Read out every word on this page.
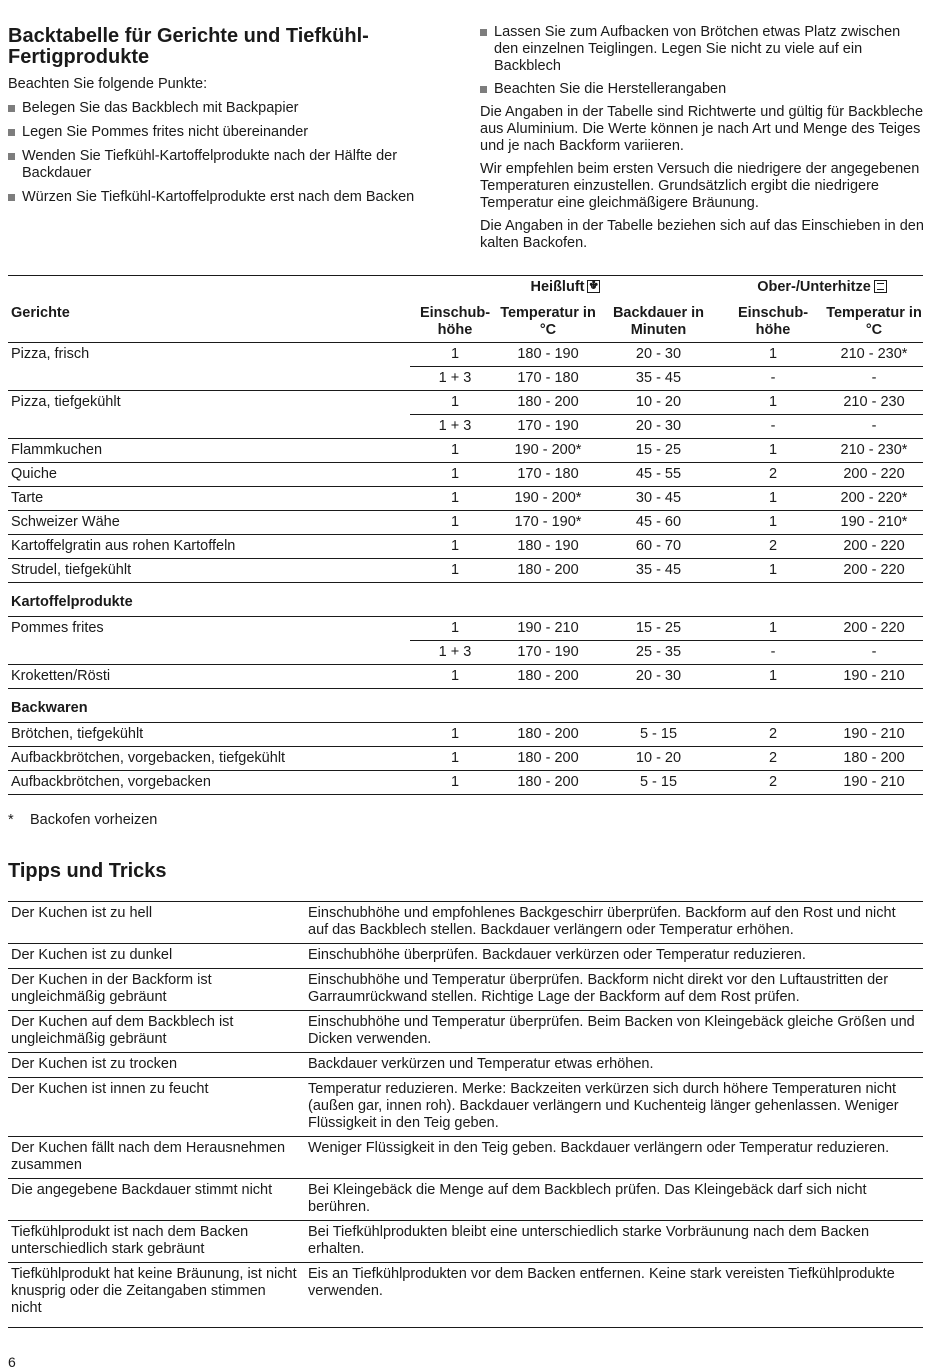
Backtabelle für Gerichte und Tiefkühl-Fertigprodukte

Beachten Sie folgende Punkte:

Belegen Sie das Backblech mit Backpapier
Legen Sie Pommes frites nicht übereinander
Wenden Sie Tiefkühl-Kartoffelprodukte nach der Hälfte der Backdauer
Würzen Sie Tiefkühl-Kartoffelprodukte erst nach dem Backen
Lassen Sie zum Aufbacken von Brötchen etwas Platz zwischen den einzelnen Teiglingen. Legen Sie nicht zu viele auf ein Backblech
Beachten Sie die Herstellerangaben

Die Angaben in der Tabelle sind Richtwerte und gültig für Backbleche aus Aluminium. Die Werte können je nach Art und Menge des Teiges und je nach Backform variieren.

Wir empfehlen beim ersten Versuch die niedrigere der angegebenen Temperaturen einzustellen. Grundsätzlich ergibt die niedrigere Temperatur eine gleichmäßigere Bräunung.

Die Angaben in der Tabelle beziehen sich auf das Einschieben in den kalten Backofen.

	Heißluft✤			Ober-/Unterhitze	
Gerichte	Einschub-höhe	Temperatur in °C	Backdauer in Minuten	Einschub-höhe	Temperatur in °C
Pizza, frisch	1	180 - 190	20 - 30	1	210 - 230*
	1 + 3	170 - 180	35 - 45	-	-
Pizza, tiefgekühlt	1	180 - 200	10 - 20	1	210 - 230
	1 + 3	170 - 190	20 - 30	-	-
Flammkuchen	1	190 - 200*	15 - 25	1	210 - 230*
Quiche	1	170 - 180	45 - 55	2	200 - 220
Tarte	1	190 - 200*	30 - 45	1	200 - 220*
Schweizer Wähe	1	170 - 190*	45 - 60	1	190 - 210*
Kartoffelgratin aus rohen Kartoffeln	1	180 - 190	60 - 70	2	200 - 220
Strudel, tiefgekühlt	1	180 - 200	35 - 45	1	200 - 220
Kartoffelprodukte					
Pommes frites	1	190 - 210	15 - 25	1	200 - 220
	1 + 3	170 - 190	25 - 35	-	-
Kroketten/Rösti	1	180 - 200	20 - 30	1	190 - 210
Backwaren					
Brötchen, tiefgekühlt	1	180 - 200	5 - 15	2	190 - 210
Aufbackbrötchen, vorgebacken, tiefgekühlt	1	180 - 200	10 - 20	2	180 - 200
Aufbackbrötchen, vorgebacken	1	180 - 200	5 - 15	2	190 - 210
* Backofen vorheizen
Tipps und Tricks
Der Kuchen ist zu hell	Einschubhöhe und empfohlenes Backgeschirr überprüfen. Backform auf den Rost und nicht auf das Backblech stellen. Backdauer verlängern oder Temperatur erhöhen.
Der Kuchen ist zu dunkel	Einschubhöhe überprüfen. Backdauer verkürzen oder Temperatur reduzieren.
Der Kuchen in der Backform ist ungleichmäßig gebräunt	Einschubhöhe und Temperatur überprüfen. Backform nicht direkt vor den Luftaustritten der Garraumrückwand stellen. Richtige Lage der Backform auf dem Rost prüfen.
Der Kuchen auf dem Backblech ist ungleichmäßig gebräunt	Einschubhöhe und Temperatur überprüfen. Beim Backen von Kleingebäck gleiche Größen und Dicken verwenden.
Der Kuchen ist zu trocken	Backdauer verkürzen und Temperatur etwas erhöhen.
Der Kuchen ist innen zu feucht	Temperatur reduzieren. Merke: Backzeiten verkürzen sich durch höhere Temperaturen nicht (außen gar, innen roh). Backdauer verlängern und Kuchenteig länger gehenlassen. Weniger Flüssigkeit in den Teig geben.
Der Kuchen fällt nach dem Herausnehmen zusammen	Weniger Flüssigkeit in den Teig geben. Backdauer verlängern oder Temperatur reduzieren.
Die angegebene Backdauer stimmt nicht	Bei Kleingebäck die Menge auf dem Backblech prüfen. Das Kleingebäck darf sich nicht berühren.
Tiefkühlprodukt ist nach dem Backen unterschiedlich stark gebräunt	Bei Tiefkühlprodukten bleibt eine unterschiedlich starke Vorbräunung nach dem Backen erhalten.
Tiefkühlprodukt hat keine Bräunung, ist nicht knusprig oder die Zeitangaben stimmen nicht	Eis an Tiefkühlprodukten vor dem Backen entfernen. Keine stark vereisten Tiefkühlprodukte verwenden.
6
